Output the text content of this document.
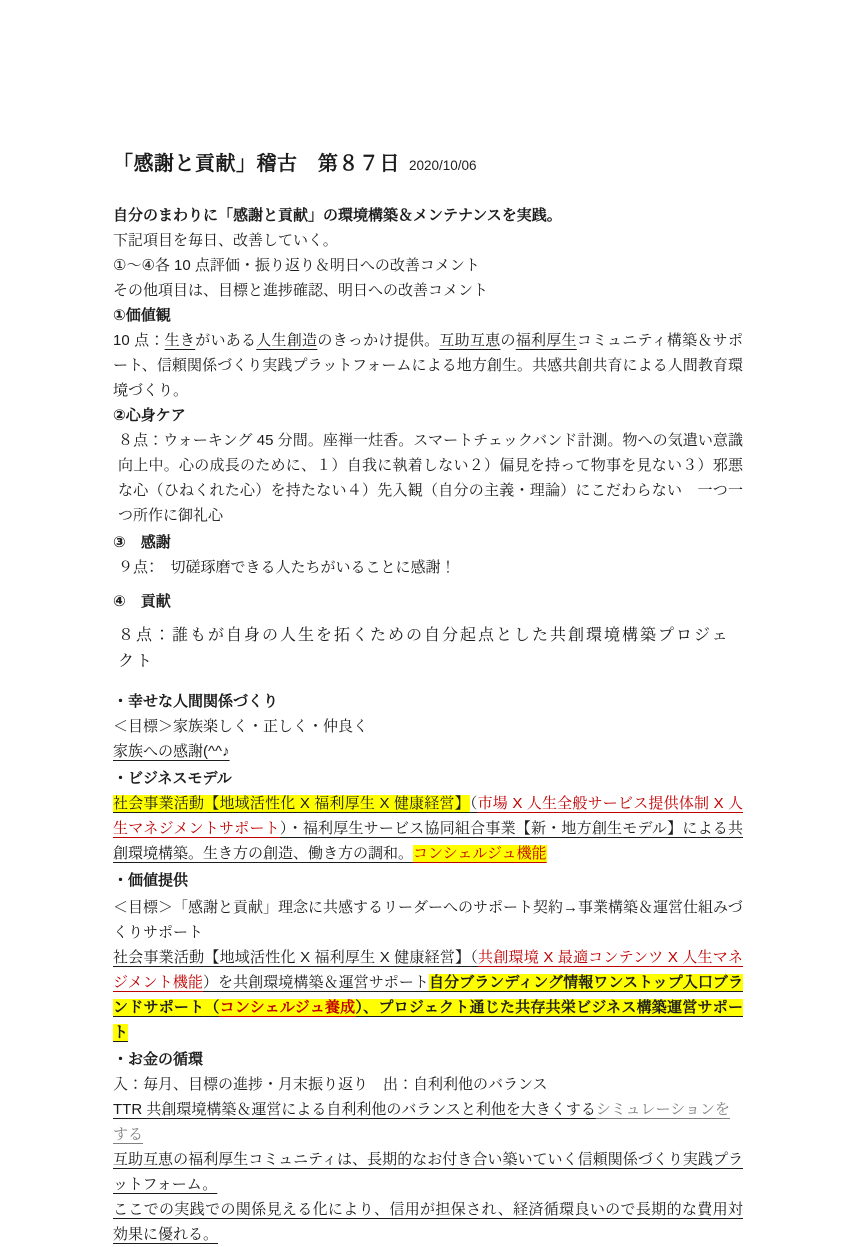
「感謝と貢献」稽古　第８７日 2020/10/06

自分のまわりに「感謝と貢献」の環境構築＆メンテナンスを実践。

下記項目を毎日、改善していく。

①～④各 10 点評価・振り返り＆明日への改善コメント

その他項目は、目標と進捗確認、明日への改善コメント

①価値観

10 点：生きがいある人生創造のきっかけ提供。互助互恵の福利厚生コミュニティ構築＆サポート、信頼関係づくり実践プラットフォームによる地方創生。共感共創共育による人間教育環境づくり。

②心身ケア

８点：ウォーキング 45 分間。座禅一炷香。スマートチェックバンド計測。物への気遣い意識向上中。心の成長のために、１）自我に執着しない２）偏見を持って物事を見ない３）邪悪な心（ひねくれた心）を持たない４）先入観（自分の主義・理論）にこだわらない　一つ一つ所作に御礼心

③　感謝

９点：　切磋琢磨できる人たちがいることに感謝！

④　貢献

８点：誰もが自身の人生を拓くための自分起点とした共創環境構築プロジェクト

・幸せな人間関係づくり

＜目標＞家族楽しく・正しく・仲良く

家族への感謝(^^♪

・ビジネスモデル

社会事業活動【地域活性化 X 福利厚生 X 健康経営】（市場 X 人生全般サービス提供体制 X 人生マネジメントサポート）・福利厚生サービス協同組合事業【新・地方創生モデル】による共創環境構築。生き方の創造、働き方の調和。コンシェルジュ機能

・価値提供

＜目標＞「感謝と貢献」理念に共感するリーダーへのサポート契約→事業構築＆運営仕組みづくりサポート

社会事業活動【地域活性化 X 福利厚生 X 健康経営】（共創環境 X 最適コンテンツ X 人生マネジメント機能）を共創環境構築＆運営サポート自分ブランディング情報ワンストップ入口ブランドサポート（コンシェルジュ養成）、プロジェクト通じた共存共栄ビジネス構築運営サポート

・お金の循環

入：毎月、目標の進捗・月末振り返り　出：自利利他のバランス

TTR 共創環境構築＆運営による自利利他のバランスと利他を大きくするシミュレーションをする

互助互恵の福利厚生コミュニティは、長期的なお付き合い築いていく信頼関係づくり実践プラットフォーム。

ここでの実践での関係見える化により、信用が担保され、経済循環良いので長期的な費用対効果に優れる。
